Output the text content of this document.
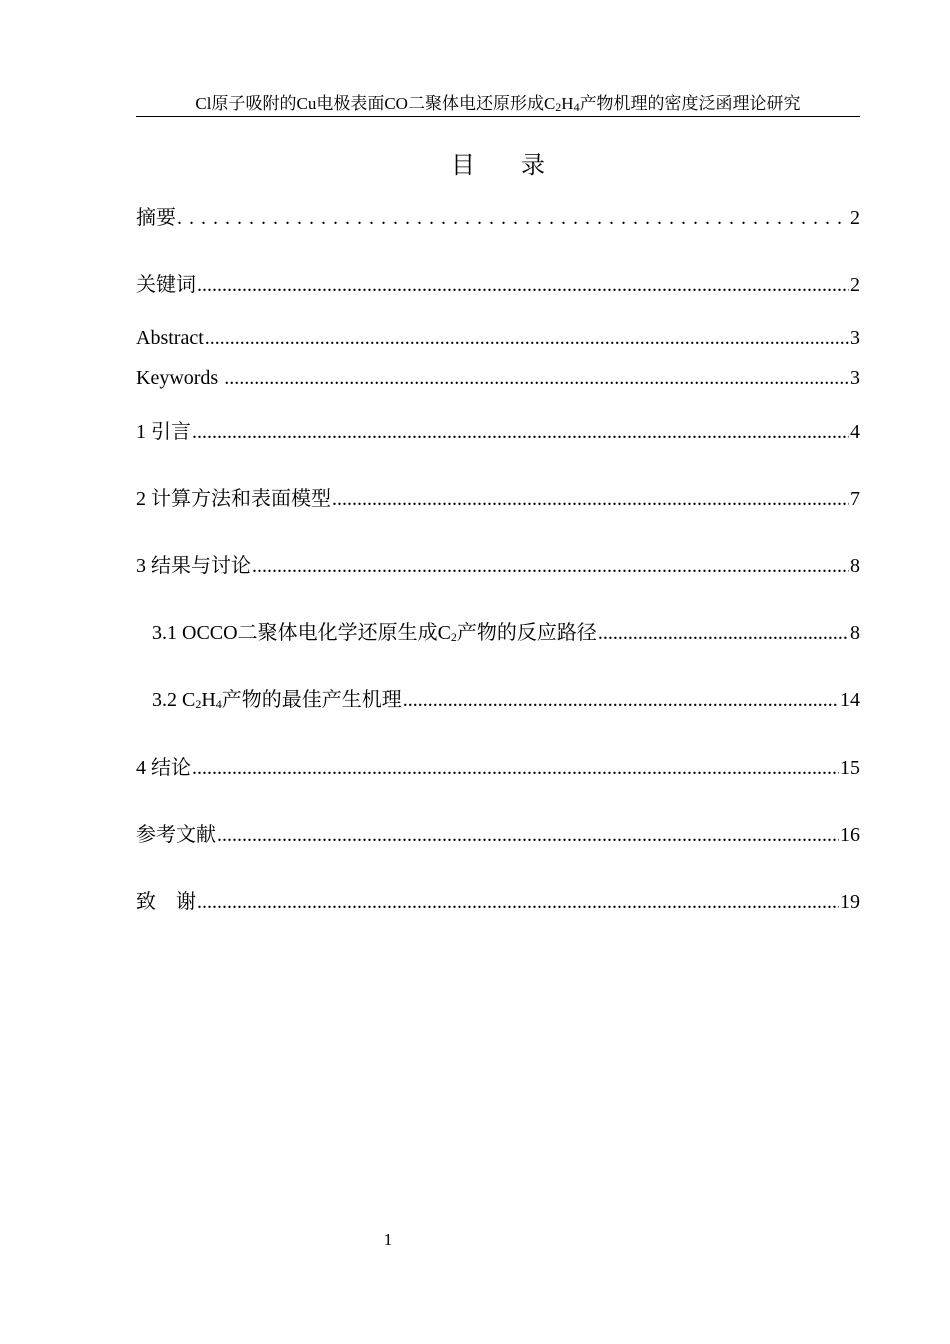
Cl原子吸附的Cu电极表面CO二聚体电还原形成C2H4产物机理的密度泛函理论研究
目 录
摘要 . . .	2
关键词 .....	2
Abstract .....	3
Keywords .....	3
1 引言 .....	4
2 计算方法和表面模型 .....	7
3 结果与讨论 .....	8
3.1 OCCO二聚体电化学还原生成C2产物的反应路径 .....	8
3.2 C2H4产物的最佳产生机理 .....	14
4 结论 .....	15
参考文献 .....	16
致    谢 .....	19
1
